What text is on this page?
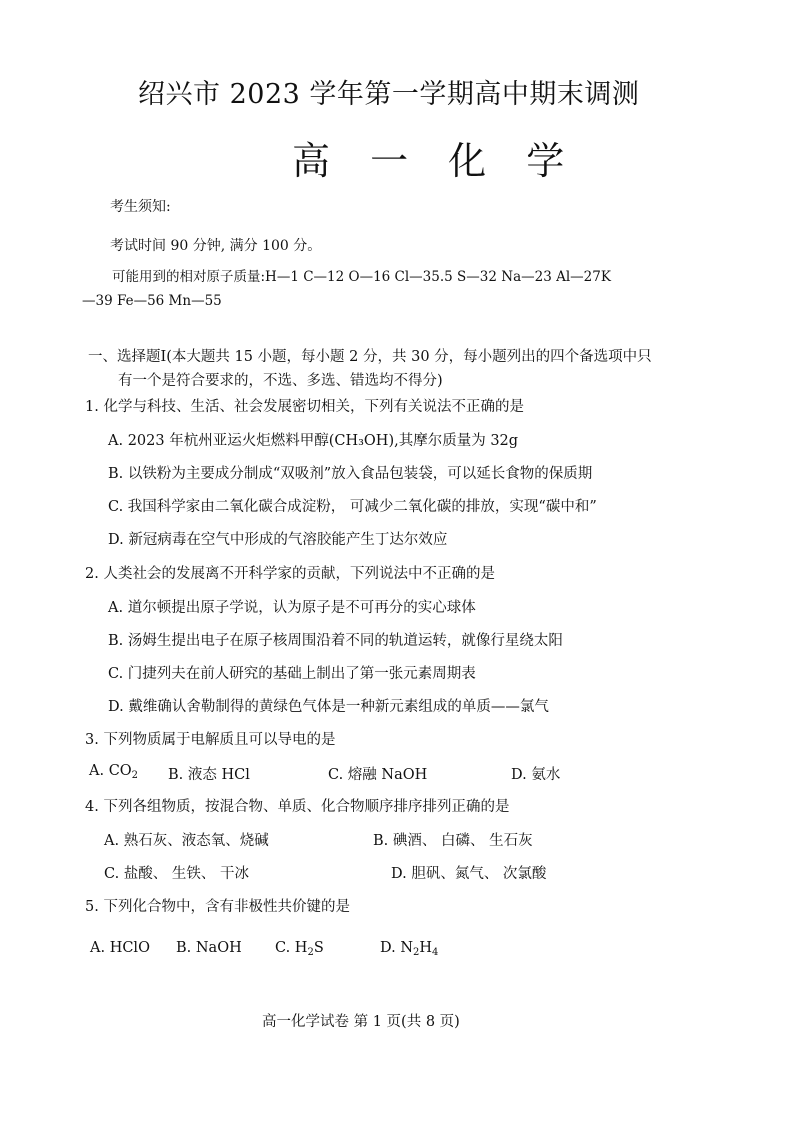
绍兴市 2023 学年第一学期高中期末调测
高 一 化 学
考生须知:
考试时间 90 分钟, 满分 100 分。
可能用到的相对原子质量:H—1 C—12 O—16 Cl—35.5 S—32 Na—23 Al—27K
—39 Fe—56 Mn—55
一、选择题Ⅰ(本大题共 15 小题，每小题 2 分，共 30 分，每小题列出的四个备选项中只
有一个是符合要求的，不选、多选、错选均不得分)
1. 化学与科技、生活、社会发展密切相关，下列有关说法不正确的是
A. 2023 年杭州亚运火炬燃料甲醇(CH₃OH),其摩尔质量为 32g
B. 以铁粉为主要成分制成“双吸剂”放入食品包装袋，可以延长食物的保质期
C. 我国科学家由二氧化碳合成淀粉， 可减少二氧化碳的排放，实现“碳中和”
D. 新冠病毒在空气中形成的气溶胶能产生丁达尔效应
2. 人类社会的发展离不开科学家的贡献，下列说法中不正确的是
A. 道尔顿提出原子学说，认为原子是不可再分的实心球体
B. 汤姆生提出电子在原子核周围沿着不同的轨道运转，就像行星绕太阳
C. 门捷列夫在前人研究的基础上制出了第一张元素周期表
D. 戴维确认舍勒制得的黄绿色气体是一种新元素组成的单质——氯气
3. 下列物质属于电解质且可以导电的是
A. $CO_2$ B. 液态 HCl	C. 熔融 NaOH	D. 氨水
4. 下列各组物质，按混合物、单质、化合物顺序排序排列正确的是
A. 熟石灰、液态氧、烧碱	B. 碘酒、 白磷、 生石灰
C. 盐酸、 生铁、 干冰	D. 胆矾、氮气、 次氯酸
5. 下列化合物中，含有非极性共价键的是
A. HClO B. NaOH C. $H_2S$	D. $N_2H_4$
高一化学试卷 第 1 页(共 8 页)
